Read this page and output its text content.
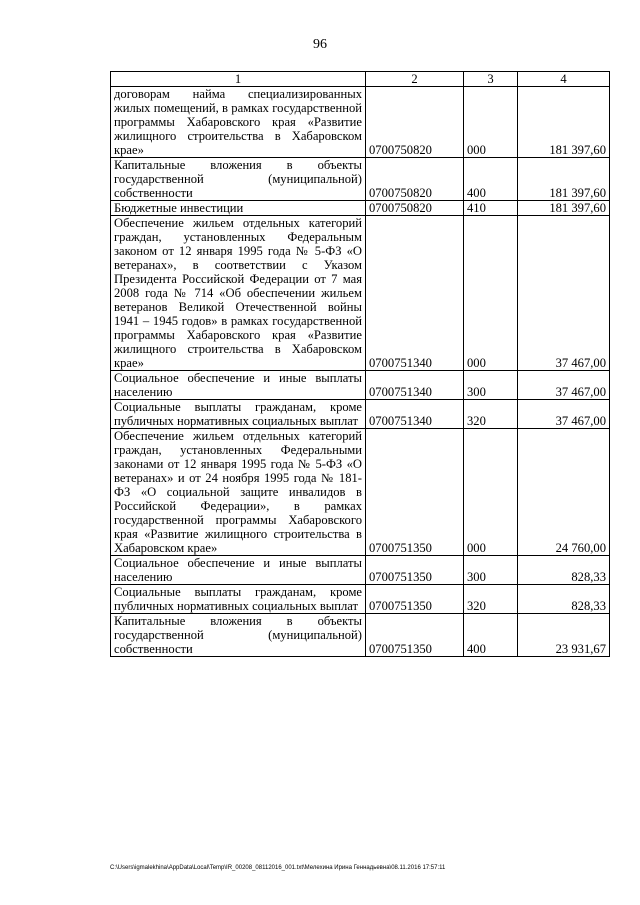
96
1	2	3	4
договорам найма специализированных жилых помещений, в рамках государственной программы Хабаровского края «Развитие жилищного строительства в Хабаровском крае»	0700750820	000	181 397,60
Капитальные вложения в объекты государственной (муниципальной) собственности	0700750820	400	181 397,60
Бюджетные инвестиции	0700750820	410	181 397,60
Обеспечение жильем отдельных категорий граждан, установленных Федеральным законом от 12 января 1995 года № 5-ФЗ «О ветеранах», в соответствии с Указом Президента Российской Федерации от 7 мая 2008 года № 714 «Об обеспечении жильем ветеранов Великой Отечественной войны 1941 – 1945 годов» в рамках государственной программы Хабаровского края «Развитие жилищного строительства в Хабаровском крае»	0700751340	000	37 467,00
Социальное обеспечение и иные выплаты населению	0700751340	300	37 467,00
Социальные выплаты гражданам, кроме публичных нормативных социальных выплат	0700751340	320	37 467,00
Обеспечение жильем отдельных категорий граждан, установленных Федеральными законами от 12 января 1995 года № 5-ФЗ «О ветеранах» и от 24 ноября 1995 года № 181-ФЗ «О социальной защите инвалидов в Российской Федерации», в рамках государственной программы Хабаровского края «Развитие жилищного строительства в Хабаровском крае»	0700751350	000	24 760,00
Социальное обеспечение и иные выплаты населению	0700751350	300	828,33
Социальные выплаты гражданам, кроме публичных нормативных социальных выплат	0700751350	320	828,33
Капитальные вложения в объекты государственной (муниципальной) собственности	0700751350	400	23 931,67
C:\Users\igmalekhina\AppData\Local\Temp\IR_00208_08112016_001.txt\Мелехина Ирина Геннадьевна\08.11.2016 17:57:11
